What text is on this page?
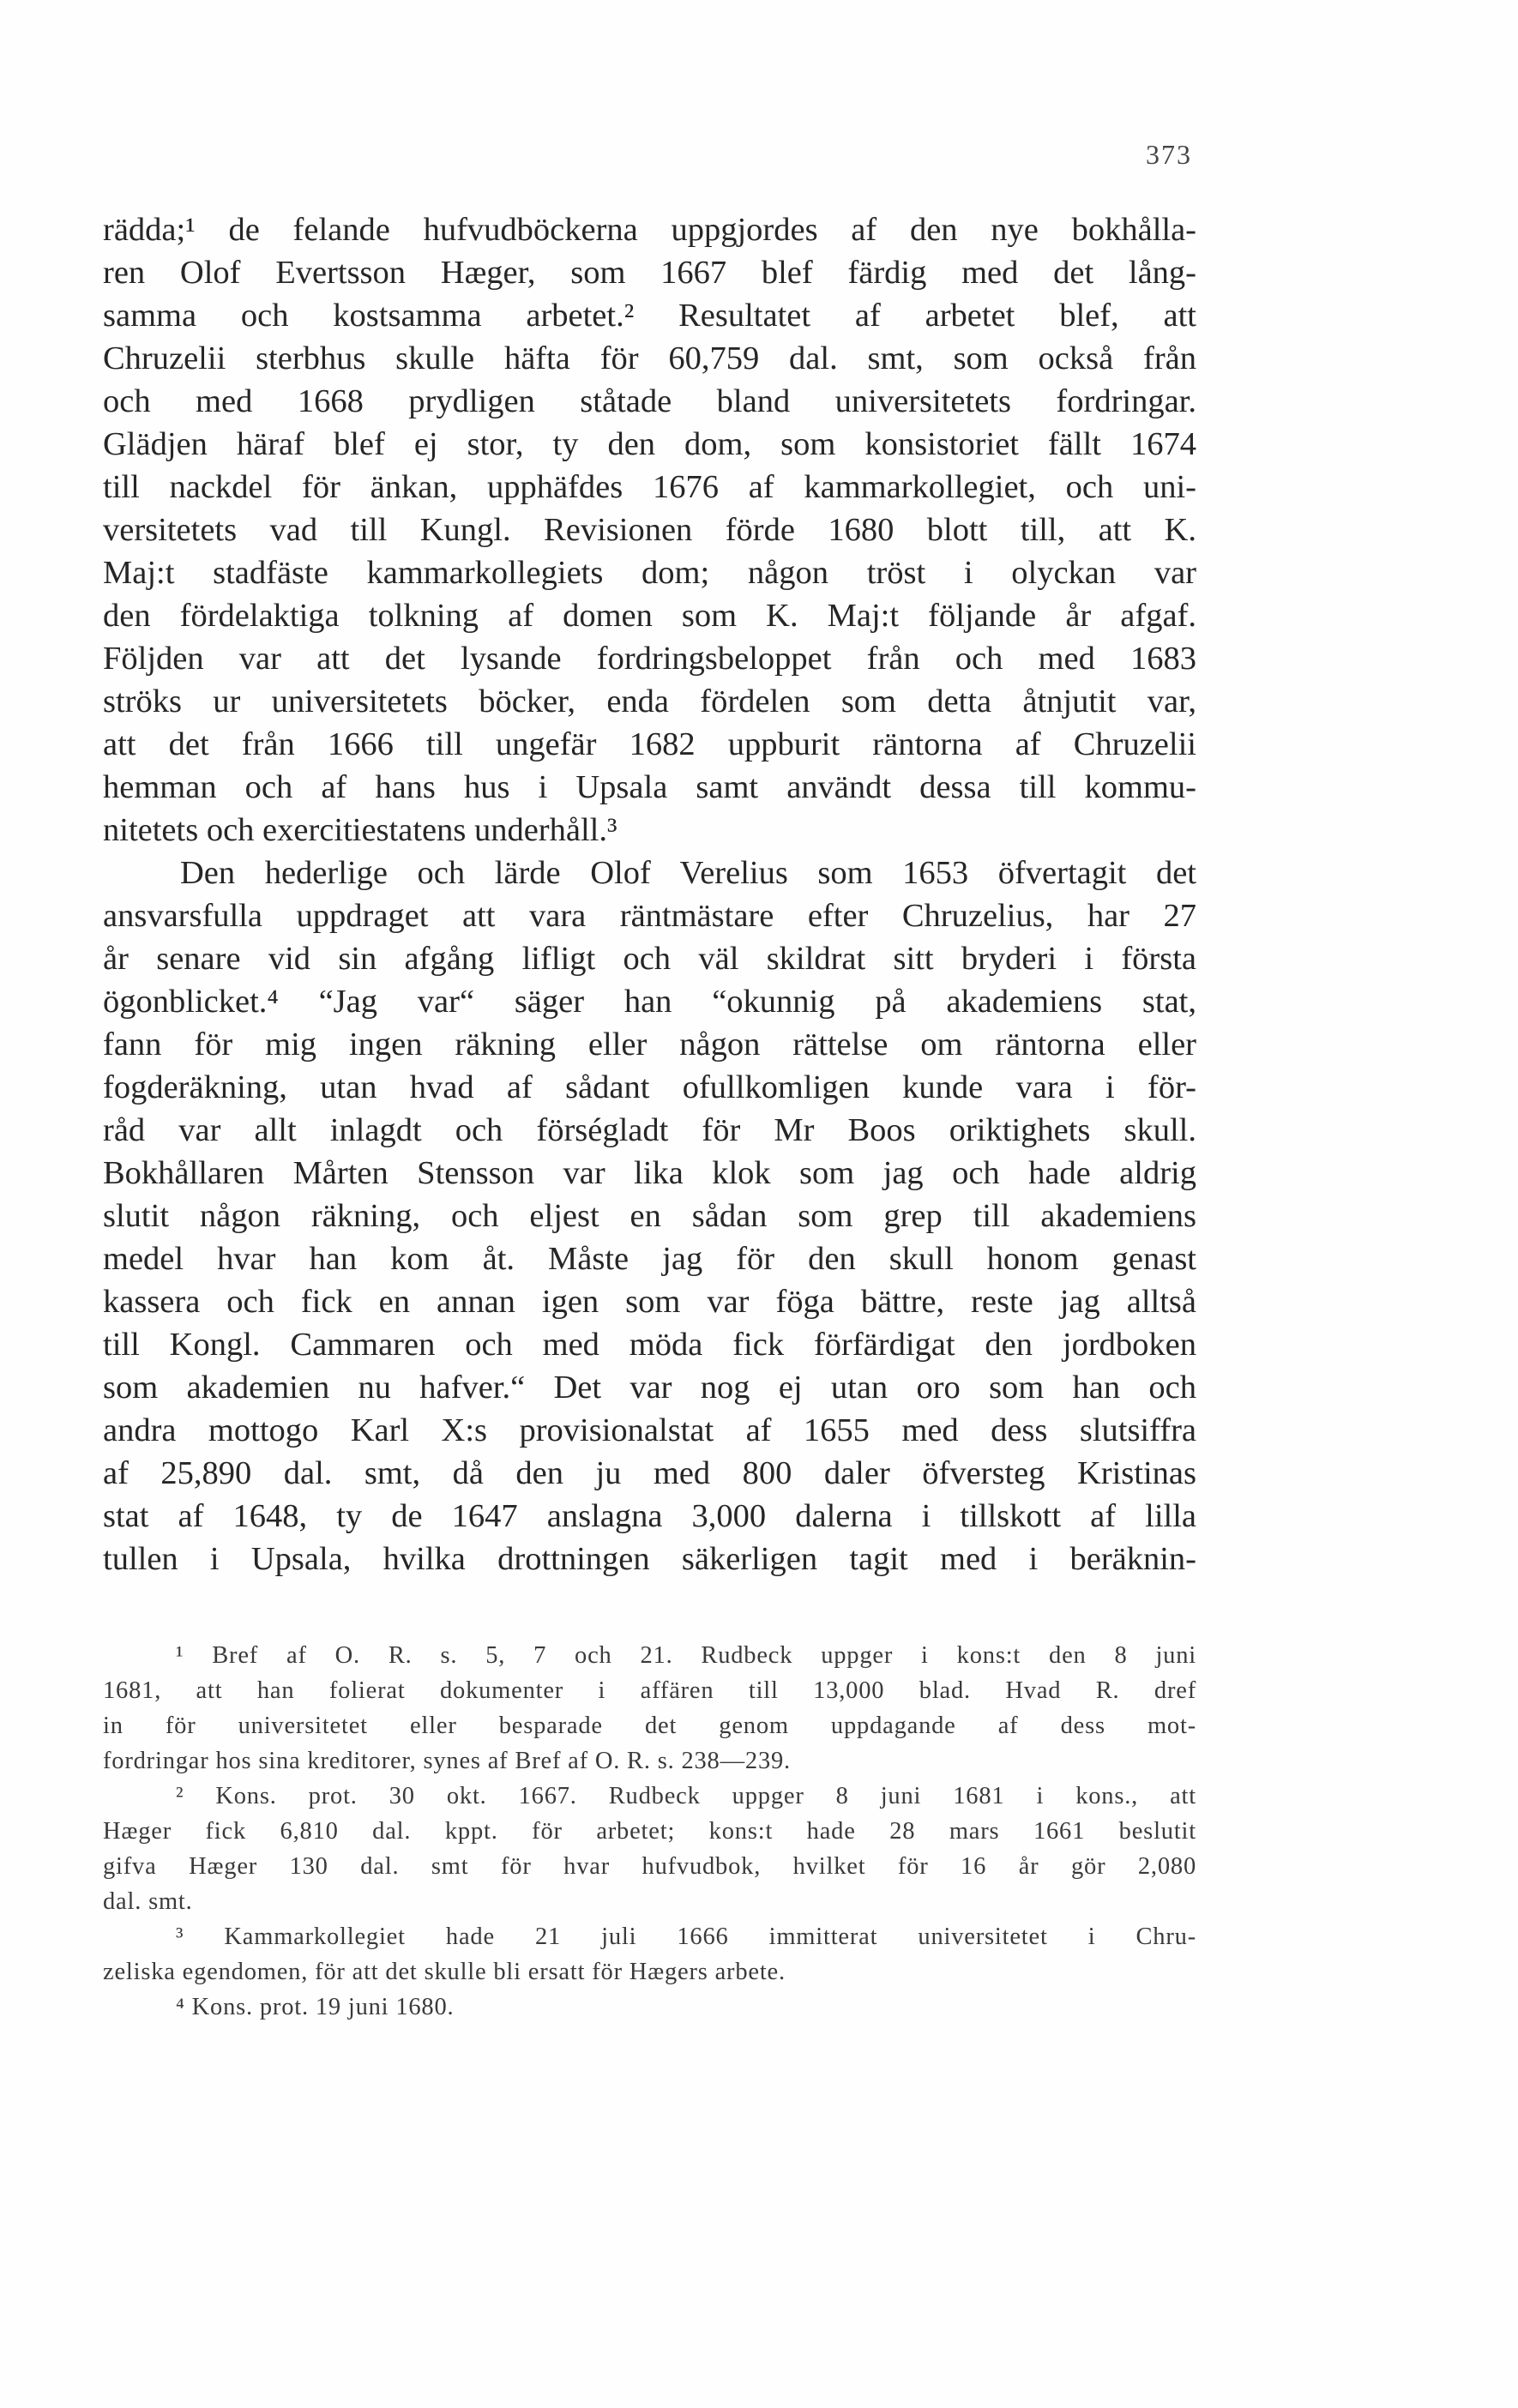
373
rädda;¹ de felande hufvudböckerna uppgjordes af den nye bokhålla-
ren Olof Evertsson Hæger, som 1667 blef färdig med det lång-
samma och kostsamma arbetet.² Resultatet af arbetet blef, att
Chruzelii sterbhus skulle häfta för 60,759 dal. smt, som också från
och med 1668 prydligen ståtade bland universitetets fordringar.
Glädjen häraf blef ej stor, ty den dom, som konsistoriet fällt 1674
till nackdel för änkan, upphäfdes 1676 af kammarkollegiet, och uni-
versitetets vad till Kungl. Revisionen förde 1680 blott till, att K.
Maj:t stadfäste kammarkollegiets dom; någon tröst i olyckan var
den fördelaktiga tolkning af domen som K. Maj:t följande år afgaf.
Följden var att det lysande fordringsbeloppet från och med 1683
ströks ur universitetets böcker, enda fördelen som detta åtnjutit var,
att det från 1666 till ungefär 1682 uppburit räntorna af Chruzelii
hemman och af hans hus i Upsala samt användt dessa till kommu-
nitetets och exercitiestatens underhåll.³
Den hederlige och lärde Olof Verelius som 1653 öfvertagit det
ansvarsfulla uppdraget att vara räntmästare efter Chruzelius, har 27
år senare vid sin afgång lifligt och väl skildrat sitt bryderi i första
ögonblicket.⁴ “Jag var“ säger han “okunnig på akademiens stat,
fann för mig ingen räkning eller någon rättelse om räntorna eller
fogderäkning, utan hvad af sådant ofullkomligen kunde vara i för-
råd var allt inlagdt och förségladt för Mr Boos oriktighets skull.
Bokhållaren Mårten Stensson var lika klok som jag och hade aldrig
slutit någon räkning, och eljest en sådan som grep till akademiens
medel hvar han kom åt. Måste jag för den skull honom genast
kassera och fick en annan igen som var föga bättre, reste jag alltså
till Kongl. Cammaren och med möda fick förfärdigat den jordboken
som akademien nu hafver.“ Det var nog ej utan oro som han och
andra mottogo Karl X:s provisionalstat af 1655 med dess slutsiffra
af 25,890 dal. smt, då den ju med 800 daler öfversteg Kristinas
stat af 1648, ty de 1647 anslagna 3,000 dalerna i tillskott af lilla
tullen i Upsala, hvilka drottningen säkerligen tagit med i beräknin-
¹ Bref af O. R. s. 5, 7 och 21. Rudbeck uppger i kons:t den 8 juni
1681, att han folierat dokumenter i affären till 13,000 blad. Hvad R. dref
in för universitetet eller besparade det genom uppdagande af dess mot-
fordringar hos sina kreditorer, synes af Bref af O. R. s. 238—239.
² Kons. prot. 30 okt. 1667. Rudbeck uppger 8 juni 1681 i kons., att
Hæger fick 6,810 dal. kppt. för arbetet; kons:t hade 28 mars 1661 beslutit
gifva Hæger 130 dal. smt för hvar hufvudbok, hvilket för 16 år gör 2,080
dal. smt.
³ Kammarkollegiet hade 21 juli 1666 immitterat universitetet i Chru-
zeliska egendomen, för att det skulle bli ersatt för Hægers arbete.
⁴ Kons. prot. 19 juni 1680.
